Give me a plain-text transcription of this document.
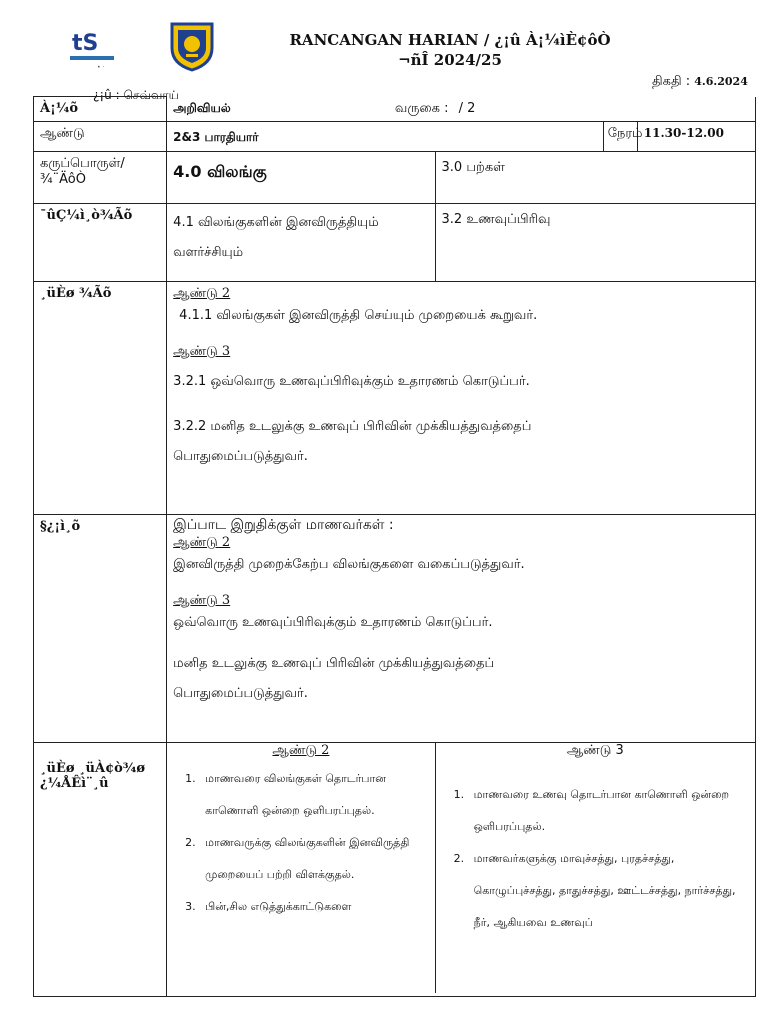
tS	RANCANGAN HARIAN / ¿¡û À¡¼ìÈ¢ôÒ
¬ñÎ 2024/25
• ·
திகதி : 4.6.2024
¿¡û : செவ்வாய்
À¡¼õ	அறிவியல்	வருகை : / 2
ஆண்டு	2&3 பாரதியார்	நேரம்	11.30-12.00
கருப்பொருள்/ ¾¨ÄôÒ	4.0 விலங்கு	3.0 பற்கள்
¯ûÇ¼ì¸ò¾Ãõ	4.1 விலங்குகளின் இனவிருத்தியும் வளர்ச்சியும்	3.2 உணவுப்பிரிவு
¸üÈø ¾Ãõ	ஆண்டு 2
4.1.1 விலங்குகள் இனவிருத்தி செய்யும் முறையைக் கூறுவர்.
ஆண்டு 3
3.2.1 ஒவ்வொரு உணவுப்பிரிவுக்கும் உதாரணம் கொடுப்பர்.
3.2.2 மனித உடலுக்கு உணவுப் பிரிவின் முக்கியத்துவத்தைப் பொதுமைப்படுத்துவர்.

§¿¡ì¸õ	இப்பாட இறுதிக்குள் மாணவர்கள் :
ஆண்டு 2
இனவிருத்தி முறைக்கேற்ப விலங்குகளை வகைப்படுத்துவர்.
ஆண்டு 3
ஒவ்வொரு உணவுப்பிரிவுக்கும் உதாரணம் கொடுப்பர்.
மனித உடலுக்கு உணவுப் பிரிவின் முக்கியத்துவத்தைப் பொதுமைப்படுத்துவர்.

¸üÈø ¸üÀ¢ò¾ø ¿¼ÅÊì¨¸û	
ஆண்டு 2
1. மாணவரை விலங்குகள் தொடர்பான காணொளி ஒன்றை ஒளிபரப்புதல்.
2. மாணவருக்கு விலங்குகளின் இனவிருத்தி முறையைப் பற்றி விளக்குதல்.
3. பின்,சில எடுத்துக்காட்டுகளை

ஆண்டு 3
1. மாணவரை உணவு தொடர்பான காணொளி ஒன்றை ஒளிபரப்புதல்.
2. மாணவர்களுக்கு மாவுச்சத்து, புரதச்சத்து, கொழுப்புச்சத்து, தாதுச்சத்து, ஊட்டச்சத்து, நார்ச்சத்து, நீர், ஆகியவை உணவுப்
